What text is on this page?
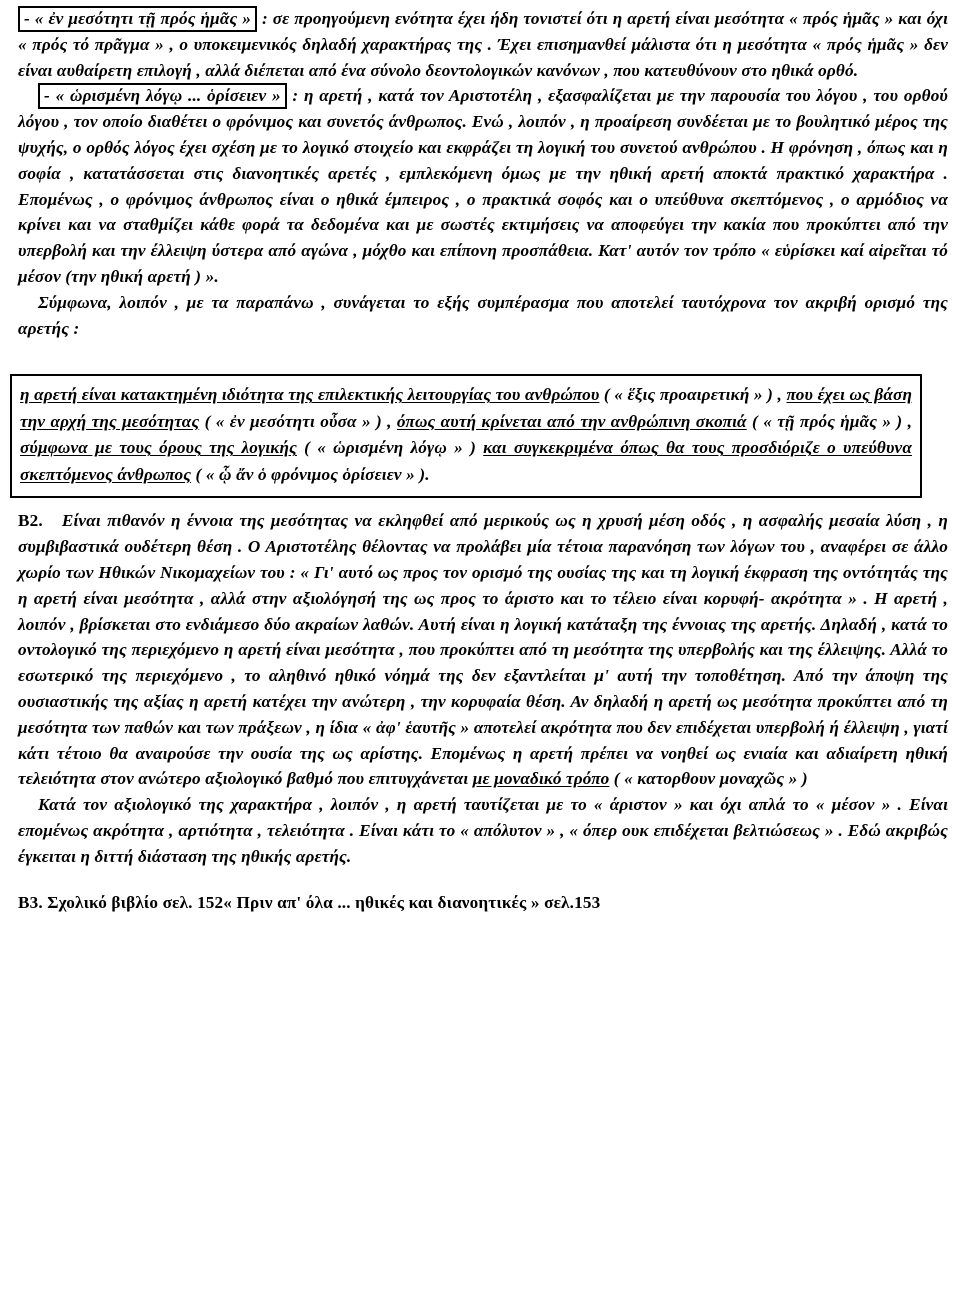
- « ἐν μεσότητι τῇ πρός ἡμᾶς » : σε προηγούμενη ενότητα έχει ήδη τονιστεί ότι η αρετή είναι μεσότητα « πρός ἡμᾶς » και όχι « πρός τό πρᾶγμα » , ο υποκειμενικός δηλαδή χαρακτήρας της . Έχει επισημανθεί μάλιστα ότι η μεσότητα « πρός ἡμᾶς » δεν είναι αυθαίρετη επιλογή , αλλά διέπεται από ένα σύνολο δεοντολογικών κανόνων , που κατευθύνουν στο ηθικά ορθό.

- « ὡρισμένη λόγῳ ... ὁρίσειεν » : η αρετή , κατά τον Αριστοτέλη , εξασφαλίζεται με την παρουσία του λόγου , του ορθού λόγου , τον οποίο διαθέτει ο φρόνιμος και συνετός άνθρωπος. Ενώ , λοιπόν , η προαίρεση συνδέεται με το βουλητικό μέρος της ψυχής, ο ορθός λόγος έχει σχέση με το λογικό στοιχείο και εκφράζει τη λογική του συνετού ανθρώπου . Η φρόνηση , όπως και η σοφία , κατατάσσεται στις διανοητικές αρετές , εμπλεκόμενη όμως με την ηθική αρετή αποκτά πρακτικό χαρακτήρα . Επομένως , ο φρόνιμος άνθρωπος είναι ο ηθικά έμπειρος , ο πρακτικά σοφός και ο υπεύθυνα σκεπτόμενος , ο αρμόδιος να κρίνει και να σταθμίζει κάθε φορά τα δεδομένα και με σωστές εκτιμήσεις να αποφεύγει την κακία που προκύπτει από την υπερβολή και την έλλειψη ύστερα από αγώνα , μόχθο και επίπονη προσπάθεια. Κατ' αυτόν τον τρόπο « εὑρίσκει καί αἱρεῖται τό μέσον (την ηθική αρετή ) ».

Σύμφωνα, λοιπόν , με τα παραπάνω , συνάγεται το εξής συμπέρασμα που αποτελεί ταυτόχρονα τον ακριβή ορισμό της αρετής :

η αρετή είναι κατακτημένη ιδιότητα της επιλεκτικής λειτουργίας του ανθρώπου ( « ἕξις προαιρετική » ) , που έχει ως βάση την αρχή της μεσότητας ( « ἐν μεσότητι οὖσα » ) , όπως αυτή κρίνεται από την ανθρώπινη σκοπιά ( « τῇ πρός ἡμᾶς » ) , σύμφωνα με τους όρους της λογικής ( « ὡρισμένη λόγῳ » ) και συγκεκριμένα όπως θα τους προσδιόριζε ο υπεύθυνα σκεπτόμενος άνθρωπος ( « ᾧ ἄν ὁ φρόνιμος ὁρίσειεν » ).

Β2. Είναι πιθανόν η έννοια της μεσότητας να εκληφθεί από μερικούς ως η χρυσή μέση οδός , η ασφαλής μεσαία λύση , η συμβιβαστικά ουδέτερη θέση . Ο Αριστοτέλης θέλοντας να προλάβει μία τέτοια παρανόηση των λόγων του , αναφέρει σε άλλο χωρίο των Ηθικών Νικομαχείων του : « Γι' αυτό ως προς τον ορισμό της ουσίας της και τη λογική έκφραση της οντότητάς της η αρετή είναι μεσότητα , αλλά στην αξιολόγησή της ως προς το άριστο και το τέλειο είναι κορυφή- ακρότητα » . Η αρετή , λοιπόν , βρίσκεται στο ενδιάμεσο δύο ακραίων λαθών. Αυτή είναι η λογική κατάταξη της έννοιας της αρετής. Δηλαδή , κατά το οντολογικό της περιεχόμενο η αρετή είναι μεσότητα , που προκύπτει από τη μεσότητα της υπερβολής και της έλλειψης. Αλλά το εσωτερικό της περιεχόμενο , το αληθινό ηθικό νόημά της δεν εξαντλείται μ' αυτή την τοποθέτηση. Από την άποψη της ουσιαστικής της αξίας η αρετή κατέχει την ανώτερη , την κορυφαία θέση. Αν δηλαδή η αρετή ως μεσότητα προκύπτει από τη μεσότητα των παθών και των πράξεων , η ίδια « ἀφ' ἑαυτῆς » αποτελεί ακρότητα που δεν επιδέχεται υπερβολή ή έλλειψη , γιατί κάτι τέτοιο θα αναιρούσε την ουσία της ως αρίστης. Επομένως η αρετή πρέπει να νοηθεί ως ενιαία και αδιαίρετη ηθική τελειότητα στον ανώτερο αξιολογικό βαθμό που επιτυγχάνεται με μοναδικό τρόπο ( « κατορθουν μοναχῶς » )

Κατά τον αξιολογικό της χαρακτήρα , λοιπόν , η αρετή ταυτίζεται με το « άριστον » και όχι απλά το « μέσον » . Είναι επομένως ακρότητα , αρτιότητα , τελειότητα . Είναι κάτι το « απόλυτον » , « όπερ ουκ επιδέχεται βελτιώσεως » . Εδώ ακριβώς έγκειται η διττή διάσταση της ηθικής αρετής.

Β3. Σχολικό βιβλίο σελ. 152« Πριν απ' όλα ... ηθικές και διανοητικές » σελ.153
